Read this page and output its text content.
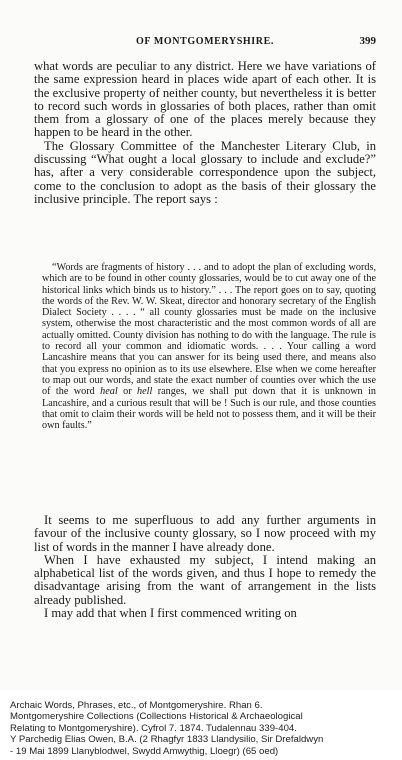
OF MONTGOMERYSHIRE.	399

what words are peculiar to any district. Here we have variations of the same expression heard in places wide apart of each other. It is the exclusive property of neither county, but nevertheless it is better to record such words in glossaries of both places, rather than omit them from a glossary of one of the places merely because they happen to be heard in the other.

The Glossary Committee of the Manchester Literary Club, in discussing “What ought a local glossary to include and exclude?” has, after a very considerable correspondence upon the subject, come to the conclusion to adopt as the basis of their glossary the inclusive principle. The report says :

“Words are fragments of history . . . and to adopt the plan of excluding words, which are to be found in other county glossaries, would be to cut away one of the historical links which binds us to history.” . . . The report goes on to say, quoting the words of the Rev. W. W. Skeat, director and honorary secretary of the English Dialect Society . . . . “ all county glossaries must be made on the inclusive system, otherwise the most characteristic and the most common words of all are actually omitted. County division has nothing to do with the language. The rule is to record all your common and idiomatic words. . . . Your calling a word Lancashire means that you can answer for its being used there, and means also that you express no opinion as to its use elsewhere. Else when we come hereafter to map out our words, and state the exact number of counties over which the use of the word heal or hell ranges, we shall put down that it is unknown in Lancashire, and a curious result that will be ! Such is our rule, and those counties that omit to claim their words will be held not to possess them, and it will be their own faults.”

It seems to me superfluous to add any further arguments in favour of the inclusive county glossary, so I now proceed with my list of words in the manner I have already done.

When I have exhausted my subject, I intend making an alphabetical list of the words given, and thus I hope to remedy the disadvantage arising from the want of arrangement in the lists already published.

I may add that when I first commenced writing on

Archaic Words, Phrases, etc., of Montgomeryshire. Rhan 6.
Montgomeryshire Collections (Collections Historical & Archaeological
Relating to Montgomeryshire). Cyfrol 7. 1874. Tudalennau 339-404.
Y Parchedig Elias Owen, B.A. (2 Rhagfyr 1833 Llandysilio, Sir Drefaldwyn
- 19 Mai 1899 Llanyblodwel, Swydd Amwythig, Lloegr) (65 oed)
